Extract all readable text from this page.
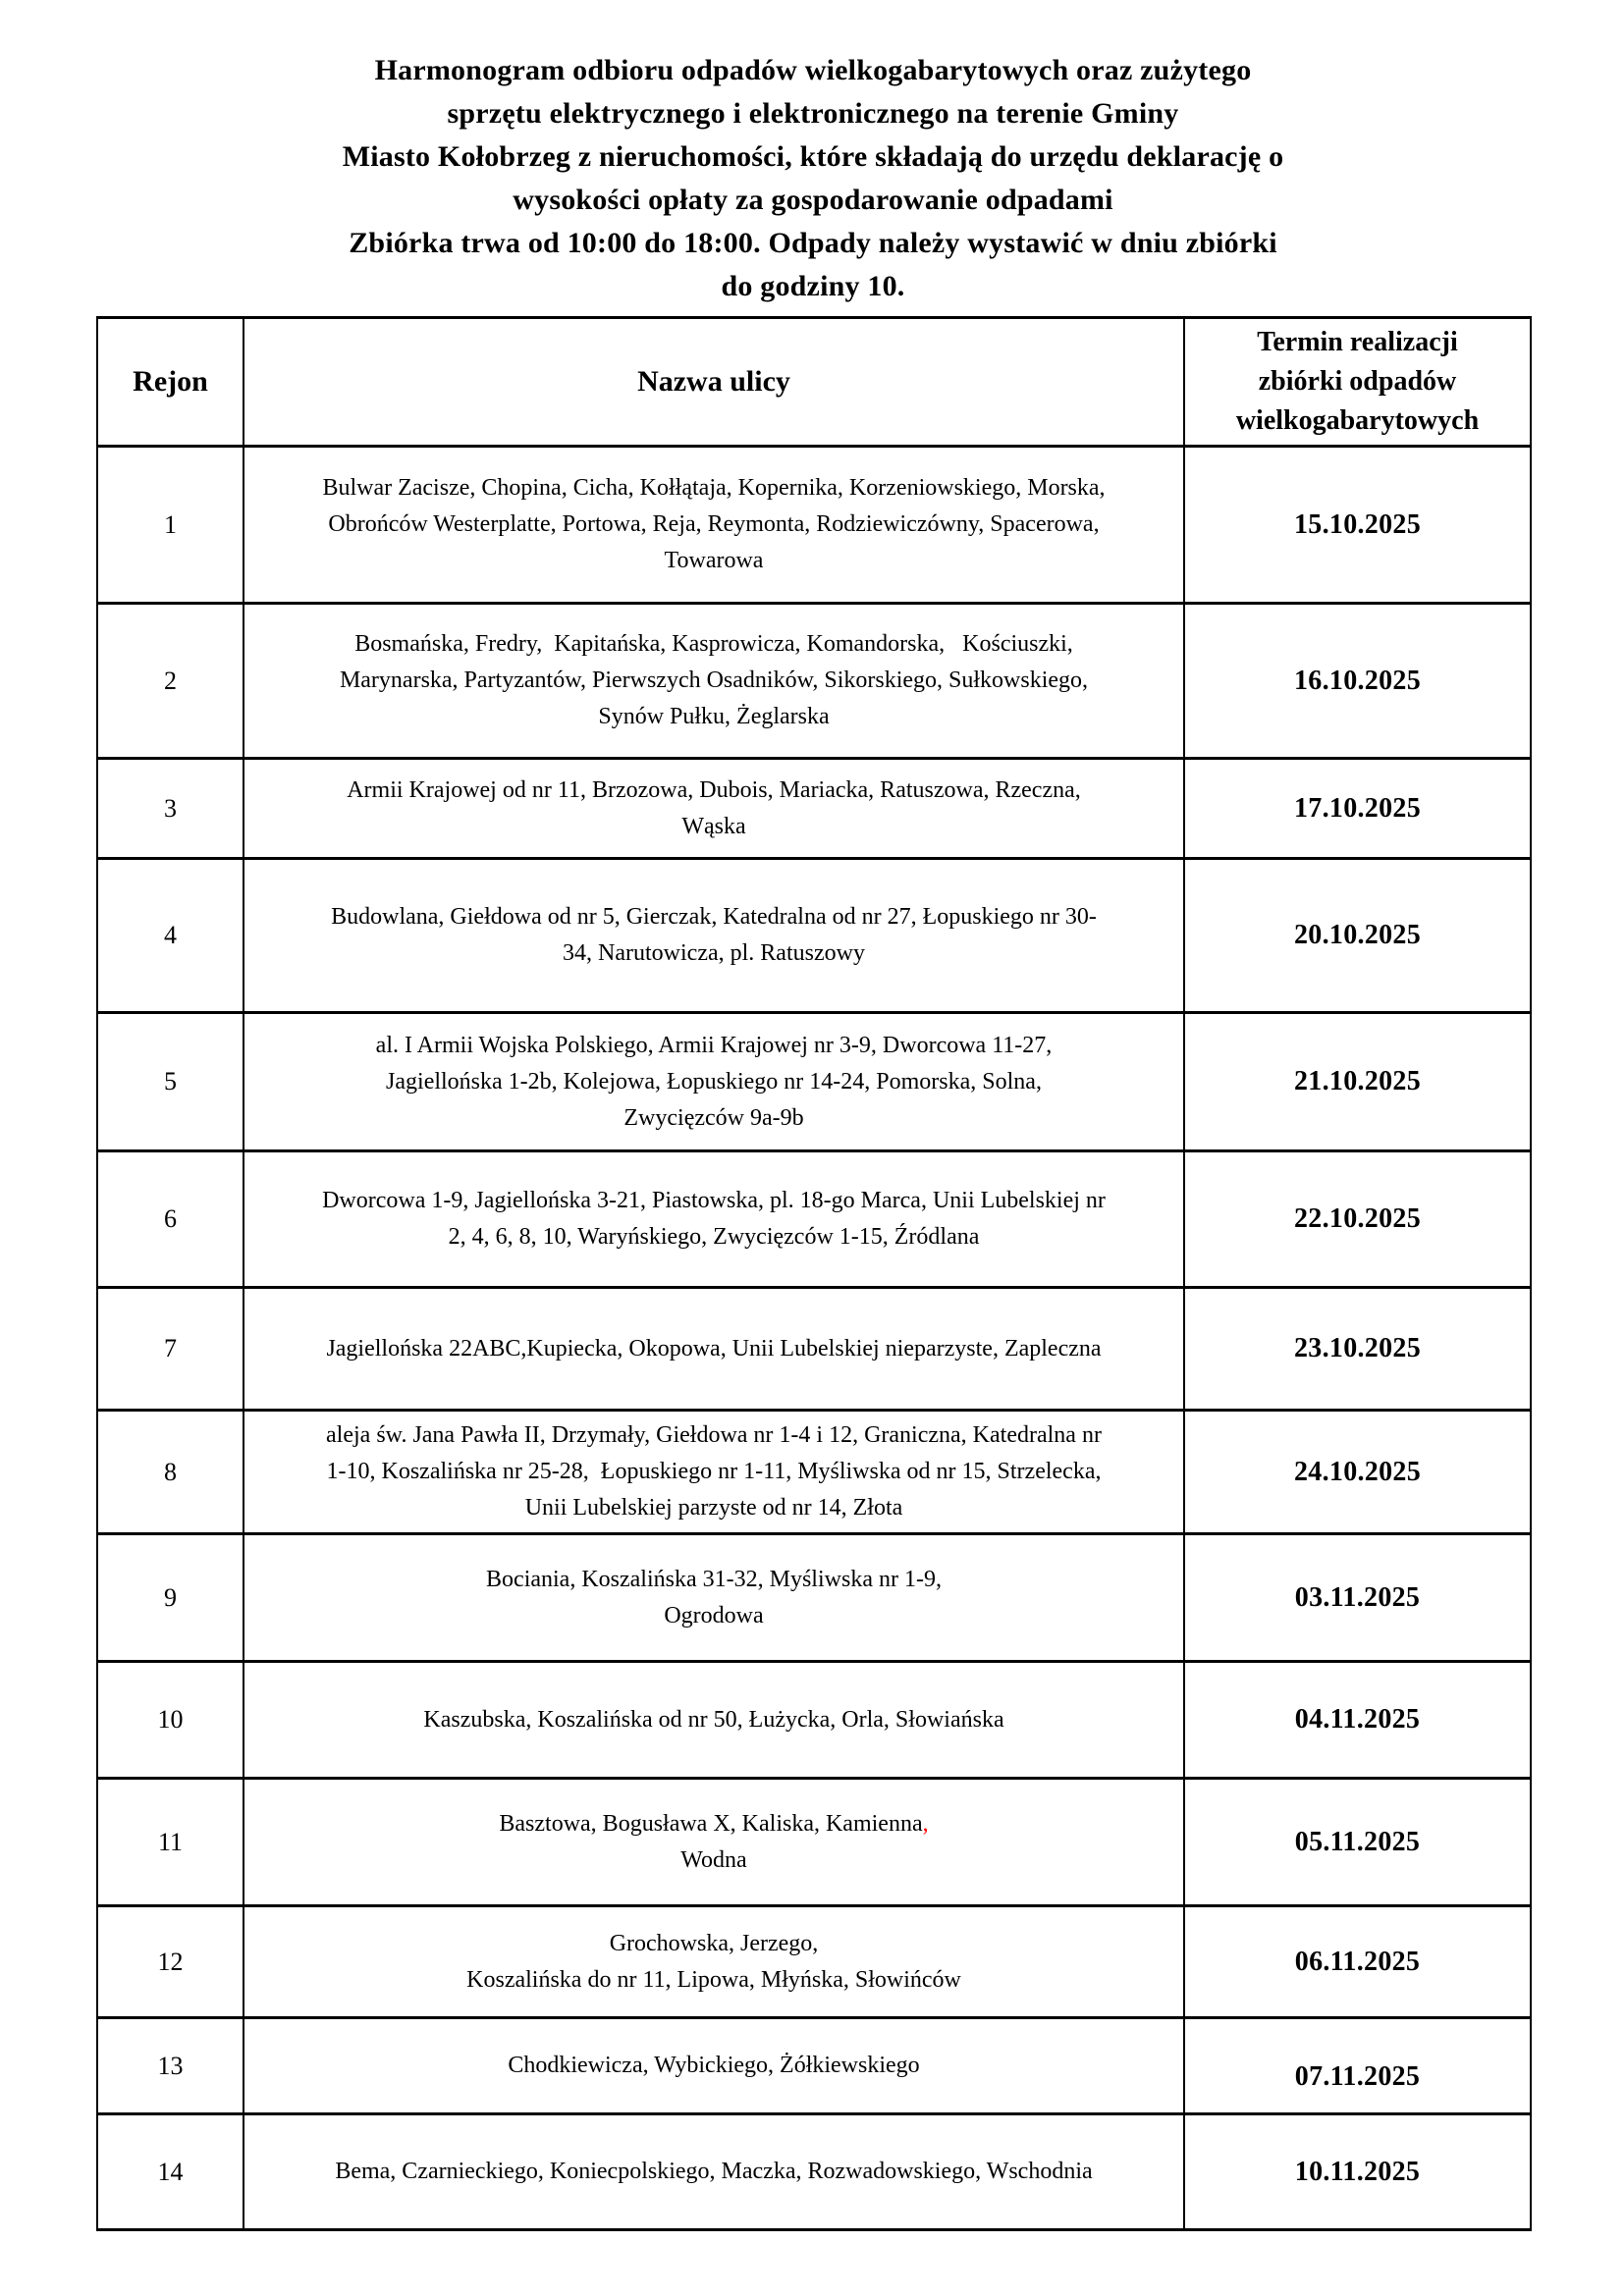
Harmonogram odbioru odpadów wielkogabarytowych oraz zużytego
sprzętu elektrycznego i elektronicznego na terenie Gminy
Miasto Kołobrzeg z nieruchomości, które składają do urzędu deklarację o
wysokości opłaty za gospodarowanie odpadami
Zbiórka trwa od 10:00 do 18:00. Odpady należy wystawić w dniu zbiórki
do godziny 10.
Rejon	Nazwa ulicy	Termin realizacji
zbiórki odpadów
wielkogabarytowych

1	Bulwar Zacisze, Chopina, Cicha, Kołłątaja, Kopernika, Korzeniowskiego, Morska,
Obrońców Westerplatte, Portowa, Reja, Reymonta, Rodziewiczówny, Spacerowa,
Towarowa	15.10.2025
2	Bosmańska, Fredry,  Kapitańska, Kasprowicza, Komandorska,   Kościuszki,
Marynarska, Partyzantów, Pierwszych Osadników, Sikorskiego, Sułkowskiego,
Synów Pułku, Żeglarska	16.10.2025
3	Armii Krajowej od nr 11, Brzozowa, Dubois, Mariacka, Ratuszowa, Rzeczna,
Wąska	17.10.2025
4	Budowlana, Giełdowa od nr 5, Gierczak, Katedralna od nr 27, Łopuskiego nr 30-
34, Narutowicza, pl. Ratuszowy	20.10.2025
5	al. I Armii Wojska Polskiego, Armii Krajowej nr 3-9, Dworcowa 11-27,
Jagiellońska 1-2b, Kolejowa, Łopuskiego nr 14-24, Pomorska, Solna,
Zwycięzców 9a-9b	21.10.2025
6	Dworcowa 1-9, Jagiellońska 3-21, Piastowska, pl. 18-go Marca, Unii Lubelskiej nr
2, 4, 6, 8, 10, Waryńskiego, Zwycięzców 1-15, Źródlana	22.10.2025
7	Jagiellońska 22ABC,Kupiecka, Okopowa, Unii Lubelskiej nieparzyste, Zapleczna	23.10.2025
8	aleja św. Jana Pawła II, Drzymały, Giełdowa nr 1-4 i 12, Graniczna, Katedralna nr
1-10, Koszalińska nr 25-28,  Łopuskiego nr 1-11, Myśliwska od nr 15, Strzelecka,
Unii Lubelskiej parzyste od nr 14, Złota	24.10.2025
9	Bociania, Koszalińska 31-32, Myśliwska nr 1-9,
Ogrodowa	03.11.2025
10	Kaszubska, Koszalińska od nr 50, Łużycka, Orla, Słowiańska	04.11.2025
11	Basztowa, Bogusława X, Kaliska, Kamienna,
Wodna	05.11.2025
12	Grochowska, Jerzego,
Koszalińska do nr 11, Lipowa, Młyńska, Słowińców	06.11.2025
13	Chodkiewicza, Wybickiego, Żółkiewskiego	07.11.2025
14	Bema, Czarnieckiego, Koniecpolskiego, Maczka, Rozwadowskiego, Wschodnia	10.11.2025
